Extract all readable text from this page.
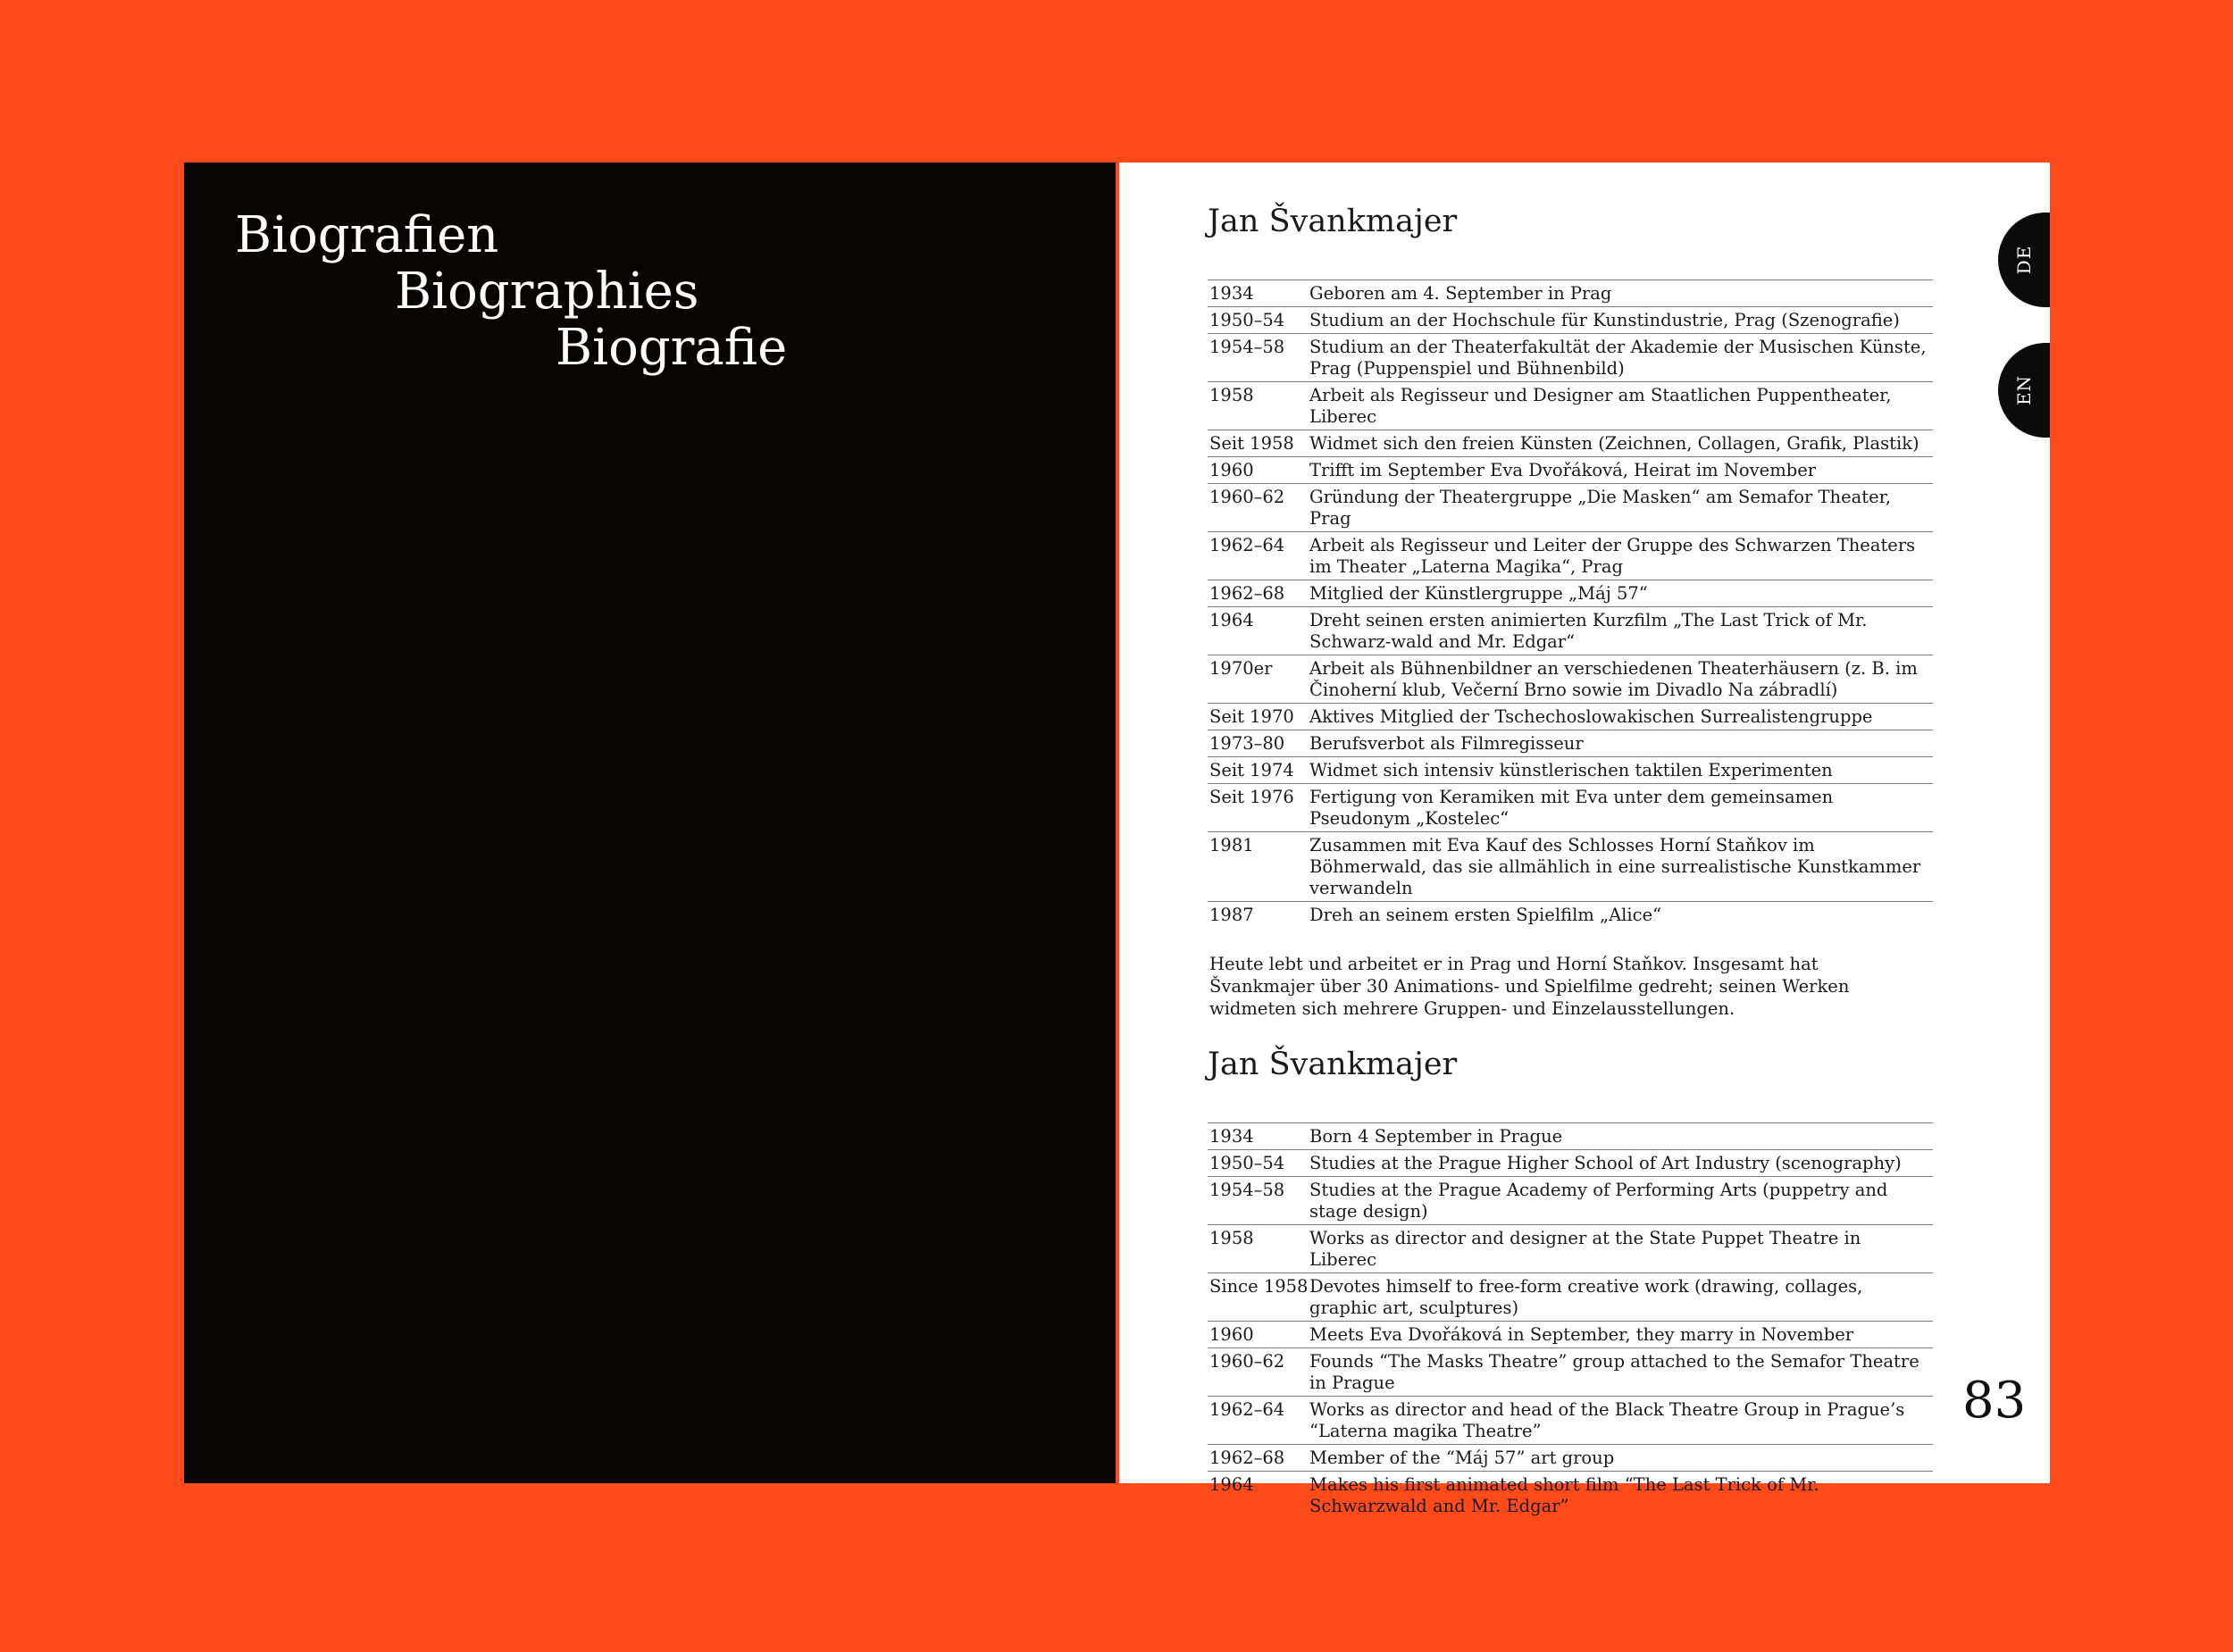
Biografien
Biographies
Biografie
DE
EN
Jan Švankmajer
1934	Geboren am 4. September in Prag
1950–54	Studium an der Hochschule für Kunstindustrie, Prag (Szenografie)
1954–58	Studium an der Theaterfakultät der Akademie der Musischen Künste, Prag (Puppenspiel und Bühnenbild)
1958	Arbeit als Regisseur und Designer am Staatlichen Puppentheater, Liberec
Seit 1958 Widmet sich den freien Künsten (Zeichnen, Collagen, Grafik, Plastik)
1960	Trifft im September Eva Dvořáková, Heirat im November
1960–62	Gründung der Theatergruppe „Die Masken“ am Semafor Theater, Prag
1962–64	Arbeit als Regisseur und Leiter der Gruppe des Schwarzen Theaters im Theater „Laterna Magika“, Prag
1962–68	Mitglied der Künstlergruppe „Máj 57“
1964	Dreht seinen ersten animierten Kurzfilm „The Last Trick of Mr. Schwarz-wald and Mr. Edgar“
1970er	Arbeit als Bühnenbildner an verschiedenen Theaterhäusern (z. B. im Činoherní klub, Večerní Brno sowie im Divadlo Na zábradlí)
Seit 1970 Aktives Mitglied der Tschechoslowakischen Surrealistengruppe
1973–80	Berufsverbot als Filmregisseur
Seit 1974 Widmet sich intensiv künstlerischen taktilen Experimenten
Seit 1976 Fertigung von Keramiken mit Eva unter dem gemeinsamen Pseudonym „Kostelec“
1981	Zusammen mit Eva Kauf des Schlosses Horní Staňkov im Böhmerwald, das sie allmählich in eine surrealistische Kunstkammer verwandeln
1987	Dreh an seinem ersten Spielfilm „Alice“
Heute lebt und arbeitet er in Prag und Horní Staňkov. Insgesamt hat Švankmajer über 30 Animations- und Spielfilme gedreht; seinen Werken widmeten sich mehrere Gruppen- und Einzelausstellungen.
Jan Švankmajer
1934	Born 4 September in Prague
1950–54	Studies at the Prague Higher School of Art Industry (scenography)
1954–58	Studies at the Prague Academy of Performing Arts (puppetry and stage design)
1958	Works as director and designer at the State Puppet Theatre in Liberec
Since 1958 Devotes himself to free-form creative work (drawing, collages, graphic art, sculptures)
1960	Meets Eva Dvořáková in September, they marry in November
1960–62	Founds “The Masks Theatre” group attached to the Semafor Theatre in Prague
1962–64	Works as director and head of the Black Theatre Group in Prague’s “Laterna magika Theatre”
1962–68	Member of the “Máj 57” art group
1964	Makes his first animated short film “The Last Trick of Mr. Schwarzwald and Mr. Edgar”
83
